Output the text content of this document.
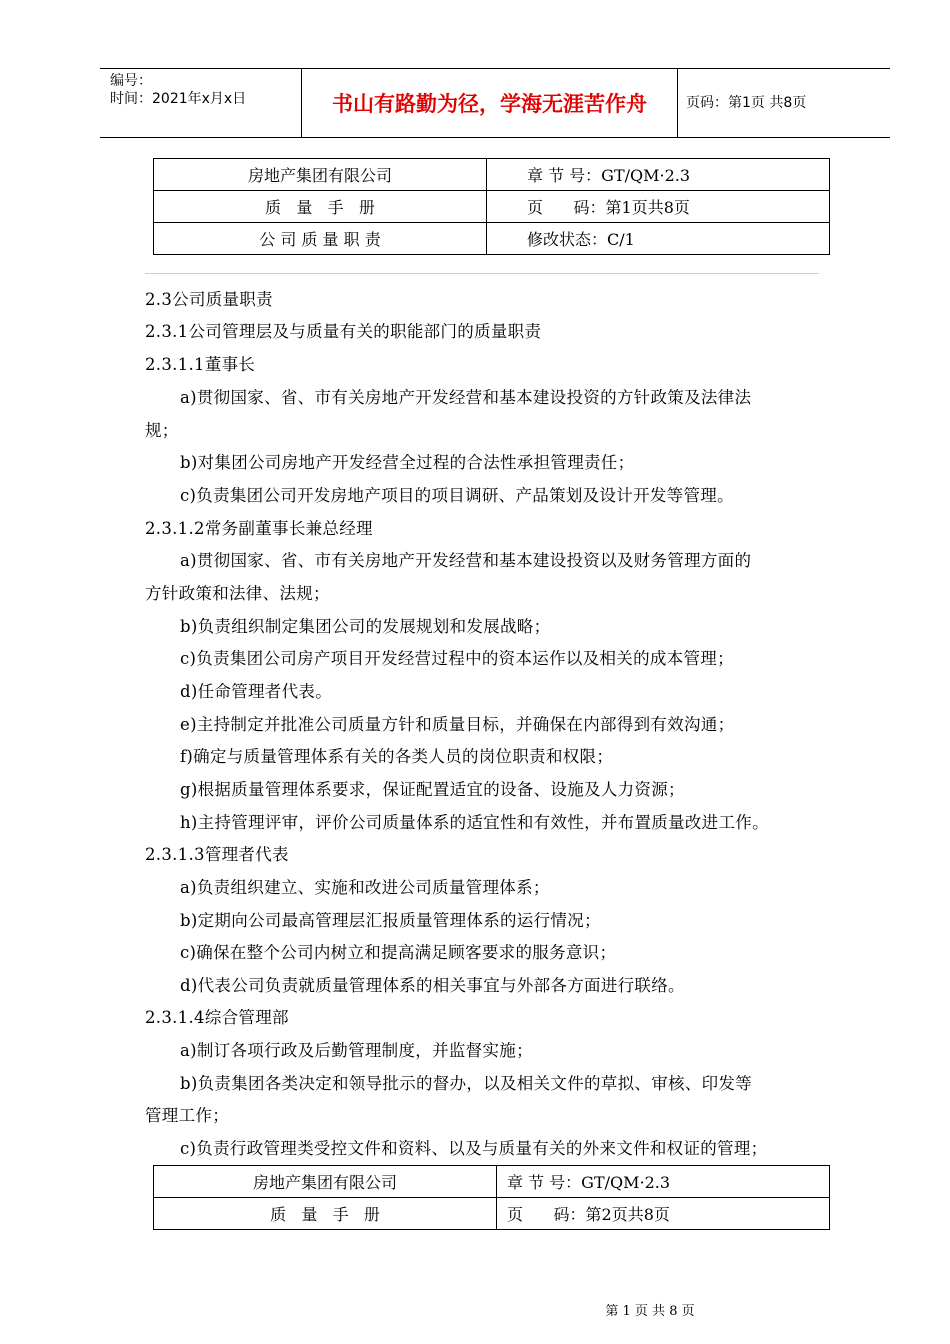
编号：
时间：2021年x月x日	书山有路勤为径，学海无涯苦作舟	页码：第1页 共8页
房地产集团有限公司	章 节 号：GT/QM·2.3
质   量   手   册	页      码：第1页共8页
公 司 质 量 职 责	修改状态：C/1
2.3公司质量职责
2.3.1公司管理层及与质量有关的职能部门的质量职责
2.3.1.1董事长
a)贯彻国家、省、市有关房地产开发经营和基本建设投资的方针政策及法律法
规；
b)对集团公司房地产开发经营全过程的合法性承担管理责任；
c)负责集团公司开发房地产项目的项目调研、产品策划及设计开发等管理。
2.3.1.2常务副董事长兼总经理
a)贯彻国家、省、市有关房地产开发经营和基本建设投资以及财务管理方面的
方针政策和法律、法规；
b)负责组织制定集团公司的发展规划和发展战略；
c)负责集团公司房产项目开发经营过程中的资本运作以及相关的成本管理；
d)任命管理者代表。
e)主持制定并批准公司质量方针和质量目标，并确保在内部得到有效沟通；
f)确定与质量管理体系有关的各类人员的岗位职责和权限；
g)根据质量管理体系要求，保证配置适宜的设备、设施及人力资源；
h)主持管理评审，评价公司质量体系的适宜性和有效性，并布置质量改进工作。
2.3.1.3管理者代表
a)负责组织建立、实施和改进公司质量管理体系；
b)定期向公司最高管理层汇报质量管理体系的运行情况；
c)确保在整个公司内树立和提高满足顾客要求的服务意识；
d)代表公司负责就质量管理体系的相关事宜与外部各方面进行联络。
2.3.1.4综合管理部
a)制订各项行政及后勤管理制度，并监督实施；
b)负责集团各类决定和领导批示的督办，以及相关文件的草拟、审核、印发等
管理工作；
c)负责行政管理类受控文件和资料、以及与质量有关的外来文件和权证的管理；
房地产集团有限公司	章 节 号：GT/QM·2.3
质   量   手   册	页      码：第2页共8页
第 1 页 共 8 页
